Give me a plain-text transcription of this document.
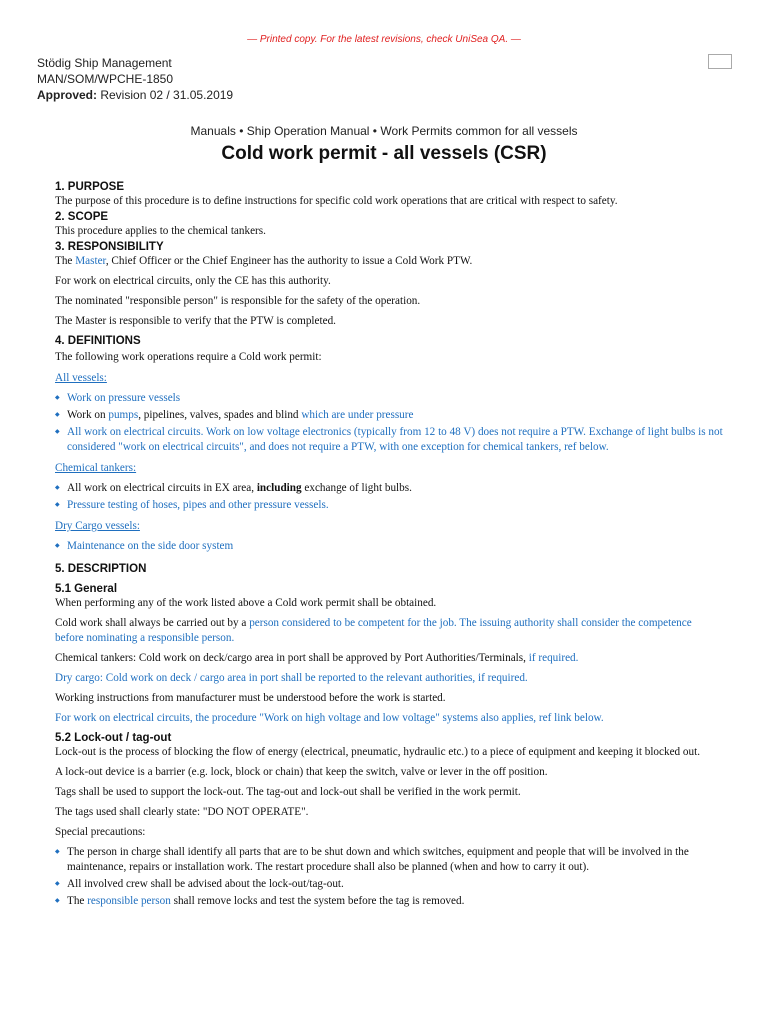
— Printed copy. For the latest revisions, check UniSea QA. —
Stödig Ship Management
MAN/SOM/WPCHE-1850
Approved: Revision 02 / 31.05.2019
Manuals • Ship Operation Manual • Work Permits common for all vessels
Cold work permit - all vessels (CSR)
1. PURPOSE

The purpose of this procedure is to define instructions for specific cold work operations that are critical with respect to safety.

2. SCOPE

This procedure applies to the chemical tankers.

3. RESPONSIBILITY

The Master, Chief Officer or the Chief Engineer has the authority to issue a Cold Work PTW.

For work on electrical circuits, only the CE has this authority.

The nominated "responsible person" is responsible for the safety of the operation.

The Master is responsible to verify that the PTW is completed.

4. DEFINITIONS

The following work operations require a Cold work permit:

All vessels:

◆ Work on pressure vessels
◆ Work on pumps, pipelines, valves, spades and blind which are under pressure
◆ All work on electrical circuits. Work on low voltage electronics (typically from 12 to 48 V) does not require a PTW. Exchange of light bulbs is not considered "work on electrical circuits", and does not require a PTW, with one exception for chemical tankers, ref below.

Chemical tankers:

◆ All work on electrical circuits in EX area, including exchange of light bulbs.
◆ Pressure testing of hoses, pipes and other pressure vessels.

Dry Cargo vessels:

◆ Maintenance on the side door system
5. DESCRIPTION
5.1 General

When performing any of the work listed above a Cold work permit shall be obtained.

Cold work shall always be carried out by a person considered to be competent for the job. The issuing authority shall consider the competence before nominating a responsible person.

Chemical tankers: Cold work on deck/cargo area in port shall be approved by Port Authorities/Terminals, if required.

Dry cargo: Cold work on deck / cargo area in port shall be reported to the relevant authorities, if required.

Working instructions from manufacturer must be understood before the work is started.

For work on electrical circuits, the procedure "Work on high voltage and low voltage" systems also applies, ref link below.

5.2 Lock-out / tag-out

Lock-out is the process of blocking the flow of energy (electrical, pneumatic, hydraulic etc.) to a piece of equipment and keeping it blocked out.

A lock-out device is a barrier (e.g. lock, block or chain) that keep the switch, valve or lever in the off position.

Tags shall be used to support the lock-out. The tag-out and lock-out shall be verified in the work permit.

The tags used shall clearly state: "DO NOT OPERATE".

Special precautions:

◆ The person in charge shall identify all parts that are to be shut down and which switches, equipment and people that will be involved in the maintenance, repairs or installation work. The restart procedure shall also be planned (when and how to carry it out).
◆ All involved crew shall be advised about the lock-out/tag-out.
◆ The responsible person shall remove locks and test the system before the tag is removed.
